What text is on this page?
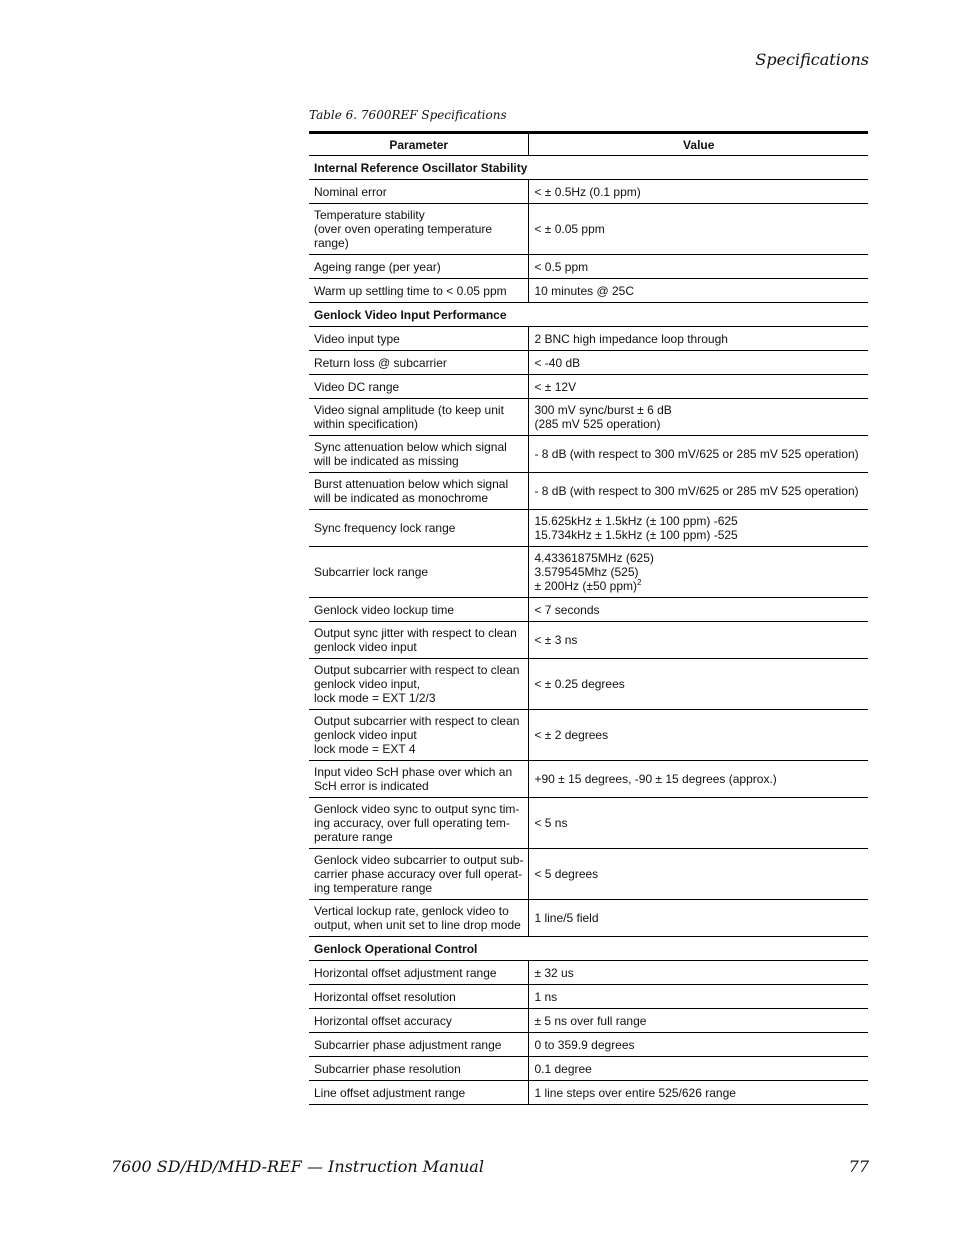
Specifications
Table 6. 7600REF Specifications
Parameter	Value
Internal Reference Oscillator Stability	

Nominal error	< ± 0.5Hz (0.1 ppm)

Temperature stability
(over oven operating temperature
range)	< ± 0.05 ppm

Ageing range (per year)	< 0.5 ppm

Warm up settling time to < 0.05 ppm	10 minutes @ 25C

Genlock Video Input Performance	

Video input type	2 BNC high impedance loop through

Return loss @ subcarrier	< -40 dB

Video DC range	< ± 12V

Video signal amplitude (to keep unit
within specification)	300 mV sync/burst ± 6 dB
(285 mV 525 operation)

Sync attenuation below which signal
will be indicated as missing	- 8 dB (with respect to 300 mV/625 or 285 mV 525 operation)

Burst attenuation below which signal
will be indicated as monochrome	- 8 dB (with respect to 300 mV/625 or 285 mV 525 operation)

Sync frequency lock range	15.625kHz ± 1.5kHz (± 100 ppm) -625
15.734kHz ± 1.5kHz (± 100 ppm) -525

Subcarrier lock range	4.43361875MHz (625)
3.579545Mhz (525)
± 200Hz (±50 ppm)$^2$

Genlock video lockup time	< 7 seconds

Output sync jitter with respect to clean
genlock video input	< ± 3 ns

Output subcarrier with respect to clean
genlock video input,
lock mode = EXT 1/2/3	< ± 0.25 degrees

Output subcarrier with respect to clean
genlock video input
lock mode = EXT 4	< ± 2 degrees

Input video ScH phase over which an
ScH error is indicated	+90 ± 15 degrees, -90 ± 15 degrees (approx.)

Genlock video sync to output sync tim-
ing accuracy, over full operating tem-
perature range	< 5 ns

Genlock video subcarrier to output sub-
carrier phase accuracy over full operat-
ing temperature range	< 5 degrees

Vertical lockup rate, genlock video to
output, when unit set to line drop mode	1 line/5 field

Genlock Operational Control	

Horizontal offset adjustment range	± 32 us

Horizontal offset resolution	1 ns

Horizontal offset accuracy	± 5 ns over full range

Subcarrier phase adjustment range	0 to 359.9 degrees

Subcarrier phase resolution	0.1 degree

Line offset adjustment range	1 line steps over entire 525/626 range
7600 SD/HD/MHD-REF — Instruction Manual	77
